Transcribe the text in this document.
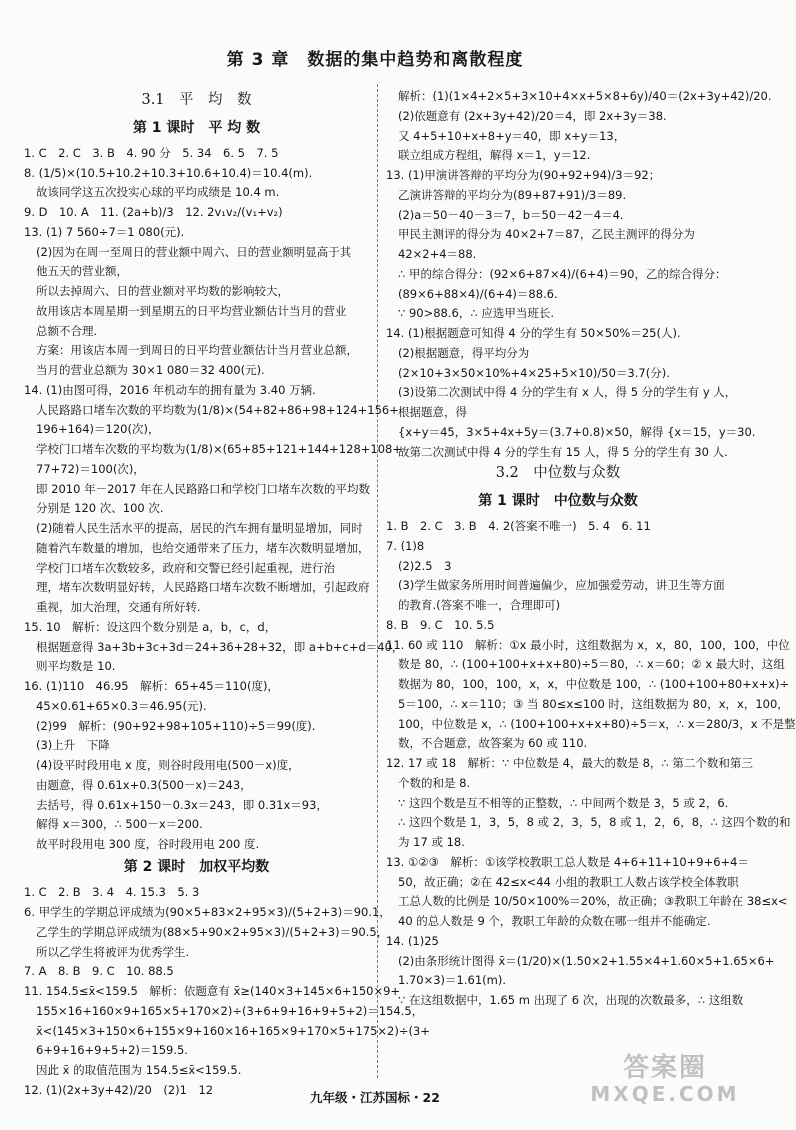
第 3 章　数据的集中趋势和离散程度
3.1　平　均　数
第 1 课时　平 均 数
1. C　2. C　3. B　4. 90 分　5. 34　6. 5　7. 5
8. (1/5)×(10.5+10.2+10.3+10.6+10.4)＝10.4(m).
故该同学这五次投实心球的平均成绩是 10.4 m.
9. D　10. A　11. (2a+b)/3　12. 2v₁v₂/(v₁+v₂)
13. (1) 7 560÷7＝1 080(元).
(2)因为在周一至周日的营业额中周六、日的营业额明显高于其
他五天的营业额，
所以去掉周六、日的营业额对平均数的影响较大，
故用该店本周星期一到星期五的日平均营业额估计当月的营业
总额不合理.
方案：用该店本周一到周日的日平均营业额估计当月营业总额，
当月的营业总额为 30×1 080＝32 400(元).
14. (1)由图可得，2016 年机动车的拥有量为 3.40 万辆.
人民路路口堵车次数的平均数为(1/8)×(54+82+86+98+124+156+
196+164)＝120(次)，
学校门口堵车次数的平均数为(1/8)×(65+85+121+144+128+108+
77+72)＝100(次)，
即 2010 年－2017 年在人民路路口和学校门口堵车次数的平均数
分别是 120 次、100 次.
(2)随着人民生活水平的提高，居民的汽车拥有量明显增加，同时
随着汽车数量的增加，也给交通带来了压力，堵车次数明显增加，
学校门口堵车次数较多，政府和交警已经引起重视，进行治
理，堵车次数明显好转，人民路路口堵车次数不断增加，引起政府
重视，加大治理，交通有所好转.
15. 10　解析：设这四个数分别是 a，b，c，d，
根据题意得 3a+3b+3c+3d＝24+36+28+32，即 a+b+c+d＝40，
则平均数是 10.
16. (1)110　46.95　解析：65+45＝110(度)，
45×0.61+65×0.3＝46.95(元).
(2)99　解析：(90+92+98+105+110)÷5＝99(度).
(3)上升　下降
(4)设平时段用电 x 度，则谷时段用电(500－x)度，
由题意，得 0.61x+0.3(500－x)＝243，
去括号，得 0.61x+150－0.3x＝243，即 0.31x＝93，
解得 x＝300，∴ 500－x＝200.
故平时段用电 300 度，谷时段用电 200 度.
第 2 课时　加权平均数
1. C　2. B　3. 4　4. 15.3　5. 3
6. 甲学生的学期总评成绩为(90×5+83×2+95×3)/(5+2+3)＝90.1，
乙学生的学期总评成绩为(88×5+90×2+95×3)/(5+2+3)＝90.5，
所以乙学生将被评为优秀学生.
7. A　8. B　9. C　10. 88.5
11. 154.5≤x̄<159.5　解析：依题意有 x̄≥(140×3+145×6+150×9+
155×16+160×9+165×5+170×2)÷(3+6+9+16+9+5+2)＝154.5，
x̄<(145×3+150×6+155×9+160×16+165×9+170×5+175×2)÷(3+
6+9+16+9+5+2)＝159.5.
因此 x̄ 的取值范围为 154.5≤x̄<159.5.
12. (1)(2x+3y+42)/20　(2)1　12
解析：(1)(1×4+2×5+3×10+4×x+5×8+6y)/40＝(2x+3y+42)/20.
(2)依题意有 (2x+3y+42)/20＝4，即 2x+3y＝38.
又 4+5+10+x+8+y＝40，即 x+y＝13，
联立组成方程组，解得 x＝1，y＝12.
13. (1)甲演讲答辩的平均分为(90+92+94)/3＝92；
乙演讲答辩的平均分为(89+87+91)/3＝89.
(2)a＝50－40－3＝7，b＝50－42－4＝4.
甲民主测评的得分为 40×2+7＝87，乙民主测评的得分为
42×2+4＝88.
∴ 甲的综合得分：(92×6+87×4)/(6+4)＝90，乙的综合得分：
(89×6+88×4)/(6+4)＝88.6.
∵ 90>88.6，∴ 应选甲当班长.
14. (1)根据题意可知得 4 分的学生有 50×50%＝25(人).
(2)根据题意，得平均分为
(2×10+3×50×10%+4×25+5×10)/50＝3.7(分).
(3)设第二次测试中得 4 分的学生有 x 人，得 5 分的学生有 y 人，
根据题意，得
{x+y＝45，3×5+4x+5y＝(3.7+0.8)×50，解得 {x＝15，y＝30.
故第二次测试中得 4 分的学生有 15 人，得 5 分的学生有 30 人.
3.2　中位数与众数
第 1 课时　中位数与众数
1. B　2. C　3. B　4. 2(答案不唯一)　5. 4　6. 11
7. (1)8
(2)2.5　3
(3)学生做家务所用时间普遍偏少，应加强爱劳动，讲卫生等方面
的教育.(答案不唯一，合理即可)
8. B　9. C　10. 5.5
11. 60 或 110　解析：①x 最小时，这组数据为 x，x，80，100，100，中位
数是 80，∴ (100+100+x+x+80)÷5＝80，∴ x＝60；② x 最大时，这组
数据为 80，100，100，x，x，中位数是 100，∴ (100+100+80+x+x)÷
5＝100，∴ x＝110；③ 当 80≤x≤100 时，这组数据为 80，x，x，100，
100，中位数是 x，∴ (100+100+x+x+80)÷5＝x，∴ x＝280/3，x 不是整
数，不合题意，故答案为 60 或 110.
12. 17 或 18　解析：∵ 中位数是 4，最大的数是 8，∴ 第二个数和第三
个数的和是 8.
∵ 这四个数是互不相等的正整数，∴ 中间两个数是 3，5 或 2，6.
∴ 这四个数是 1，3，5，8 或 2，3，5，8 或 1，2，6，8，∴ 这四个数的和
为 17 或 18.
13. ①②③　解析：①该学校教职工总人数是 4+6+11+10+9+6+4＝
50，故正确；②在 42≤x<44 小组的教职工人数占该学校全体教职
工总人数的比例是 10/50×100%＝20%，故正确；③教职工年龄在 38≤x<
40 的总人数是 9 个，教职工年龄的众数在哪一组并不能确定.
14. (1)25
(2)由条形统计图得 x̄＝(1/20)×(1.50×2+1.55×4+1.60×5+1.65×6+
1.70×3)＝1.61(m).
∵ 在这组数据中，1.65 m 出现了 6 次，出现的次数最多，∴ 这组数
九年级・江苏国标・22
答案圈
MXQE.COM
